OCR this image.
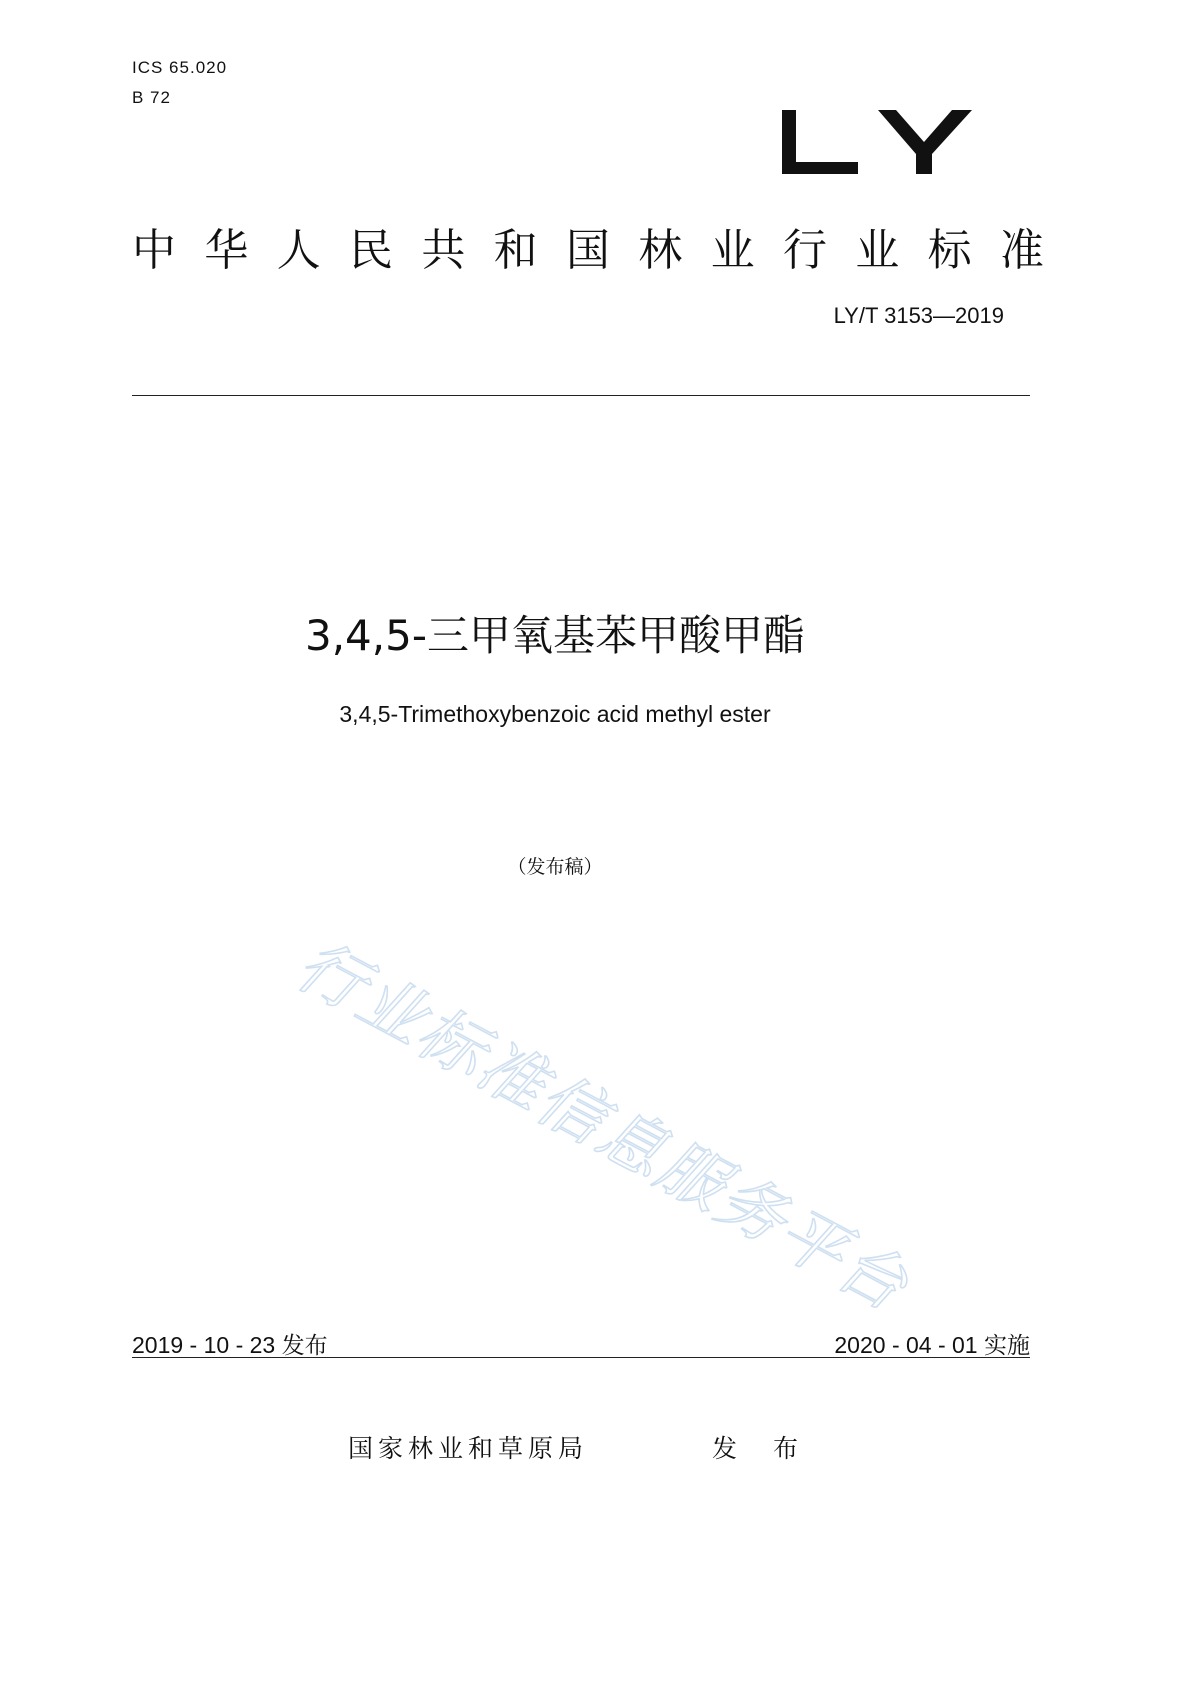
ICS 65.020
B 72
中 华 人 民 共 和 国 林 业 行 业 标 准
LY/T 3153—2019
3,4,5-三甲氧基苯甲酸甲酯
3,4,5-Trimethoxybenzoic acid methyl ester
（发布稿）
行
业
标
准
信
息
服
务
平
台
2019 - 10 - 23 发布	2020 - 04 - 01 实施
国家林业和草原局	发 布
